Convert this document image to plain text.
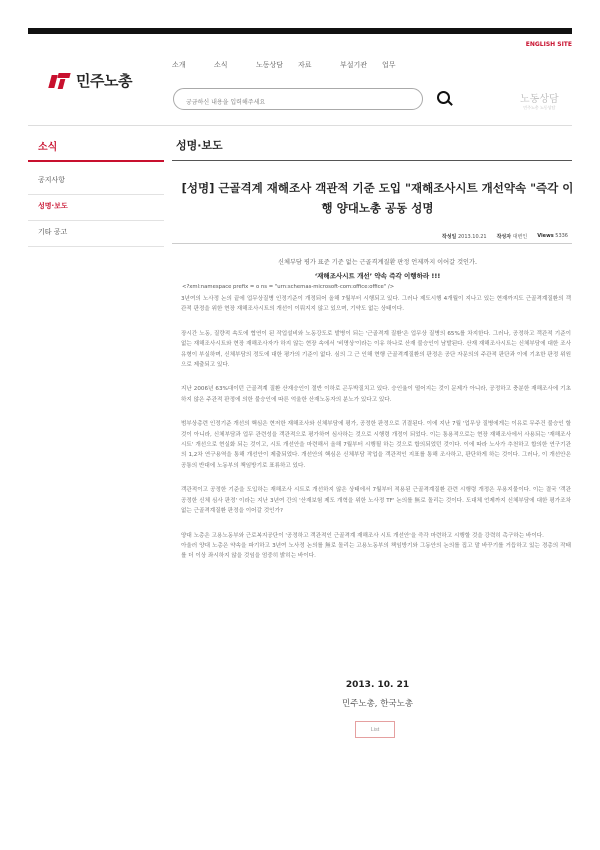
ENGLISH SITE
민주노총
소개	소식	노동상담	자료	부설기관	업무
궁금하신 내용을 입력해주세요
노동상담
민주노총 노동상담
소식
공지사항
성명·보도
기타 공고
성명·보도
[성명] 근골격계 재해조사 객관적 기준 도입 "재해조사시트 개선약속 "즉각 이행 양대노총 공동 성명
작성일 2013.10.21 작성자 대변인 Views 5336
신체부담 평가 표준 기준 없는 근골격계질환 판정 언제까지 이어갈 것인가.
‘재해조사시트 개선’ 약속 즉각 이행하라 !!!
<?xml:namespace prefix = o ns = "urn:schemas-microsoft-com:office:office" />

3년여의 노사정 논의 끝에 업무상질병 인정기준이 개정되어 올해 7월부터 시행되고 있다. 그러나 제도시행 4개월이 지나고 있는 현재까지도 근골격계질환의 객관적 판정을 위한 현장 재해조사시트의 개선이 이뤄지지 않고 있으며, 기약도 없는 상태이다.

장시간 노동, 질량적 속도에 협연이 된 작업설비와 노동강도로 발병이 되는 '근골격계 질환'은 업무상 질병의 65%를 차지한다. 그러나, 공정하고 객관적 기준이 없는 재해조사시트와 현장 재해조사자가 하지 않는 현장 속에서 '비명상'이라는 이유 하나로 산재 불승인이 남발된다. 산재 재해조사시트는 신체부담에 대한 조사유형이 부실하며, 신체부담의 정도에 대한 평가의 기준이 없다. 심의 그 근 인해 현행 근골격계질환의 판정은 공단 자문의의 주관적 판단과 이에 기초한 판정 위원으로 제출되고 있다.

지난 2006년 63%대이던 근골격계 질환 산재승인이 절반 이하로 곤두박질치고 있다. 승인율이 떨어지는 것이 문제가 아니라, 공정하고 충분한 재해조사에 기초하지 않은 주관적 판정에 의한 불승인에 따른 억울한 산재노동자의 분노가 있다고 있다.

범부상총련 인정기준 개선의 핵심은 현저한 재해조사와 신체부담에 평가, 공정한 판정으로 귀결된다. 이에 지난 7월 '업무상 질병에게는 이유로 무주건 불승인 할 것이 아니라, 신체부담과 업무 관련성을 객관적으로 평가하여 심사하는 것으로 시행령 개정이 되었다. 이는 통용적으로는 현장 재해조사에서 사용되는 '재해조사 시트' 개선으로 현실화 되는 것이고, 시트 개선안을 마련해서 올해 7월부터 시행될 하는 것으로 합의되었던 것이다. 이에 따라 노사가 추천하고 합의한 연구기관의 1,2차 연구용역을 통해 개선안이 제출되었다. 개선안의 핵심은 신체부담 작업을 객관적인 지표를 통해 조사하고, 판단하게 하는 것이다. 그러나, 이 개선안은 공통의 반대에 노동부의 책임방기로 표류하고 있다.

객관적이고 공정한 기준을 도입하는 재해조사 시트로 개선하지 않은 상태에서 7월부터 적용된 근골격계질환 관련 시행령 개정은 무용지물이다. 이는 결국 '객관 공정한 신체 심사 판정' 이라는 지난 3년여 간의 '산재보험 제도 개혁을 위한 노사정 TF' 논의를 無로 돌리는 것이다. 도대체 언제까지 신체부담에 대한 평가조차 없는 근골격계질환 판정을 이어갈 것인가?

양대 노총은 고용노동부와 근로복지공단이 '공정하고 객관적인 근골격계 재해조사 시트 개선안'을 즉각 마련하고 시행할 것을 강력히 촉구하는 바이다.
아울러 양대 노총은 약속을 파기하고 3년여 노사정 논의를 無로 돌리는 고용노동부의 책임방기와 그동안의 논의를 집고 말 바꾸기를 거듭하고 있는 경총의 작태를 더 이상 좌시하지 않을 것임을 엄중히 밝히는 바이다.

2013. 10. 21
민주노총, 한국노총
List
